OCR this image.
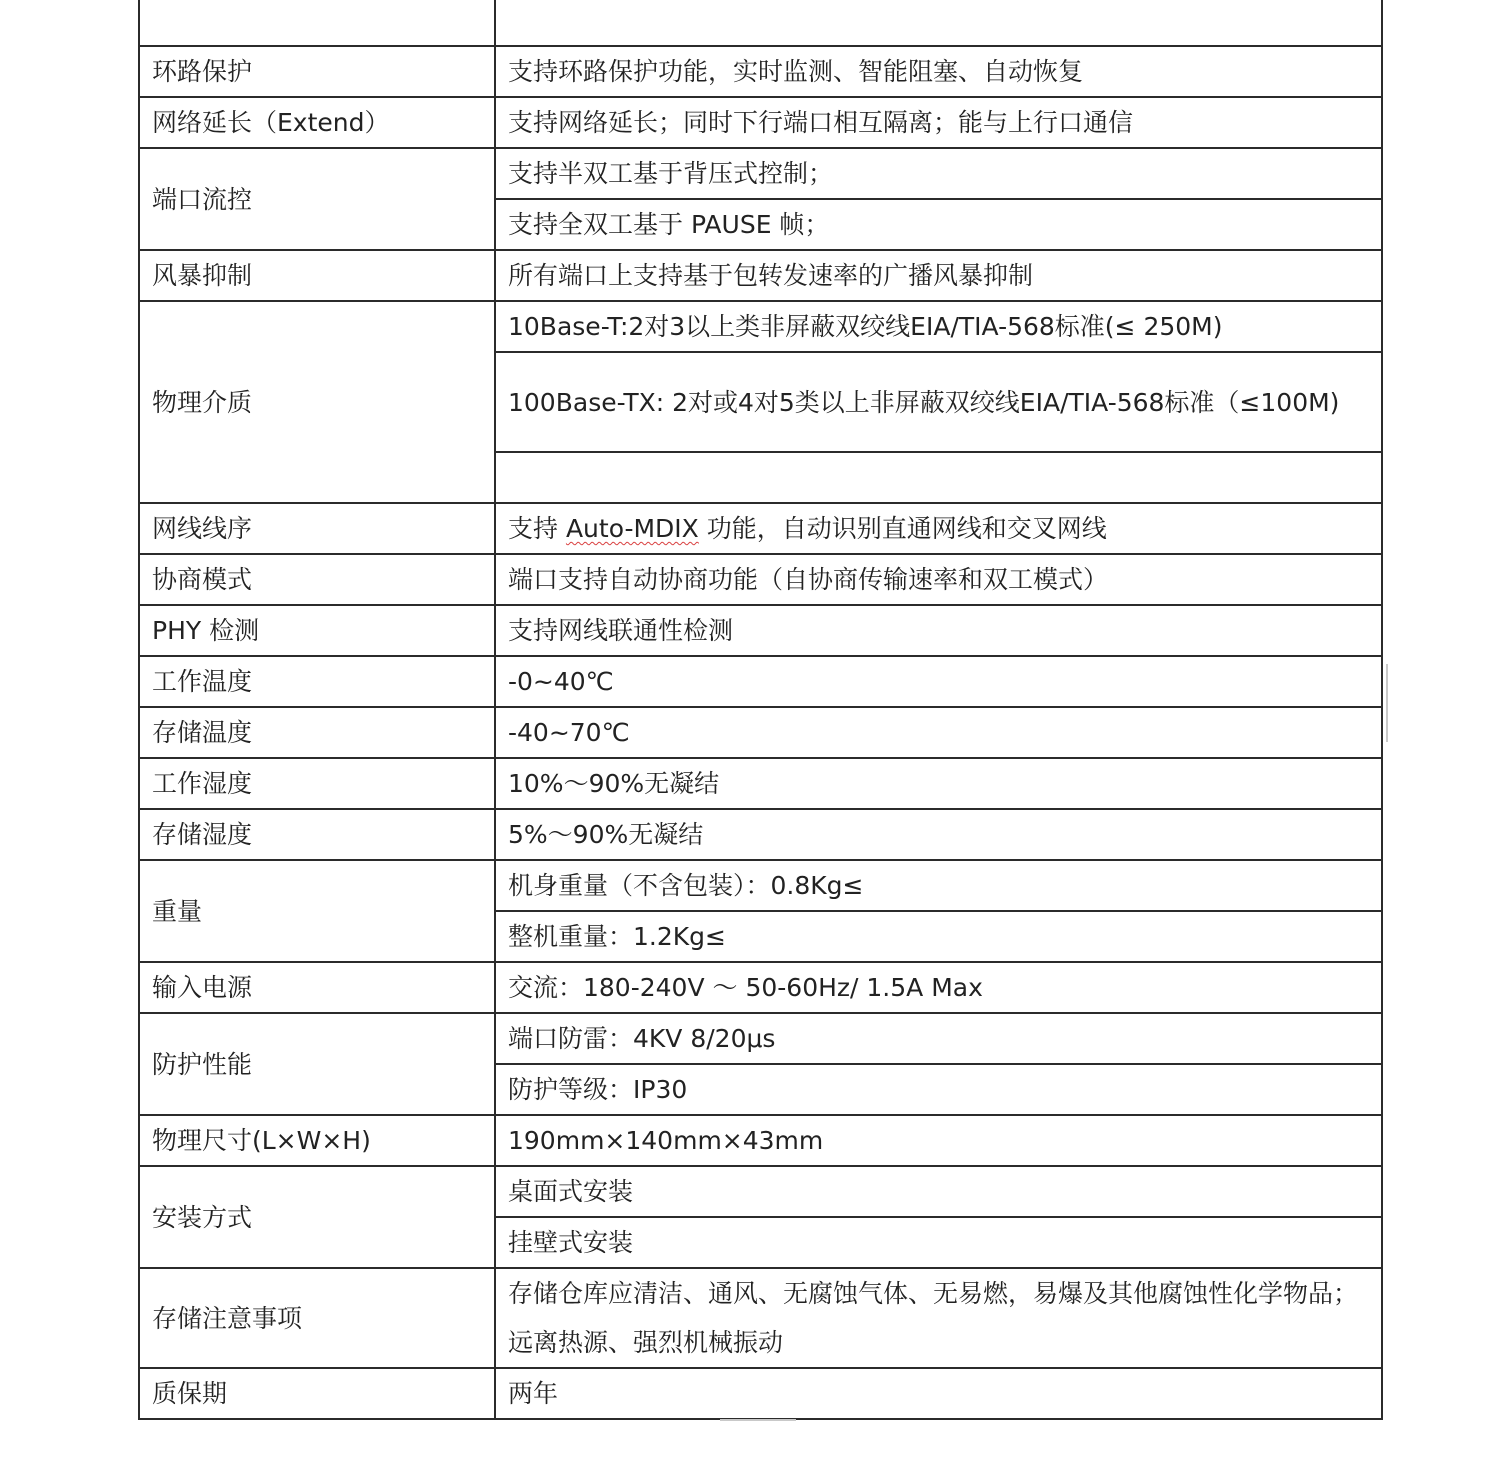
环路保护	支持环路保护功能，实时监测、智能阻塞、自动恢复
网络延长（Extend）	支持网络延长；同时下行端口相互隔离；能与上行口通信
端口流控	支持半双工基于背压式控制；
	支持全双工基于 PAUSE 帧；
风暴抑制	所有端口上支持基于包转发速率的广播风暴抑制
物理介质	10Base-T:2对3以上类非屏蔽双绞线EIA/TIA-568标准(≤ 250M)
	100Base-TX: 2对或4对5类以上非屏蔽双绞线EIA/TIA-568标准（≤100M)

网线线序	支持 Auto-MDIX 功能，自动识别直通网线和交叉网线
协商模式	端口支持自动协商功能（自协商传输速率和双工模式）
PHY 检测	支持网线联通性检测
工作温度	-0~40℃
存储温度	-40~70℃
工作湿度	10%～90%无凝结
存储湿度	5%～90%无凝结
重量	机身重量（不含包装）：0.8Kg≤
	整机重量：1.2Kg≤
输入电源	交流：180-240V ～ 50-60Hz/ 1.5A Max
防护性能	端口防雷：4KV 8/20μs
	防护等级：IP30
物理尺寸(L×W×H)	190mm×140mm×43mm
安装方式	桌面式安装
	挂壁式安装
存储注意事项	存储仓库应清洁、通风、无腐蚀气体、无易燃，易爆及其他腐蚀性化学物品；远离热源、强烈机械振动
质保期	两年
